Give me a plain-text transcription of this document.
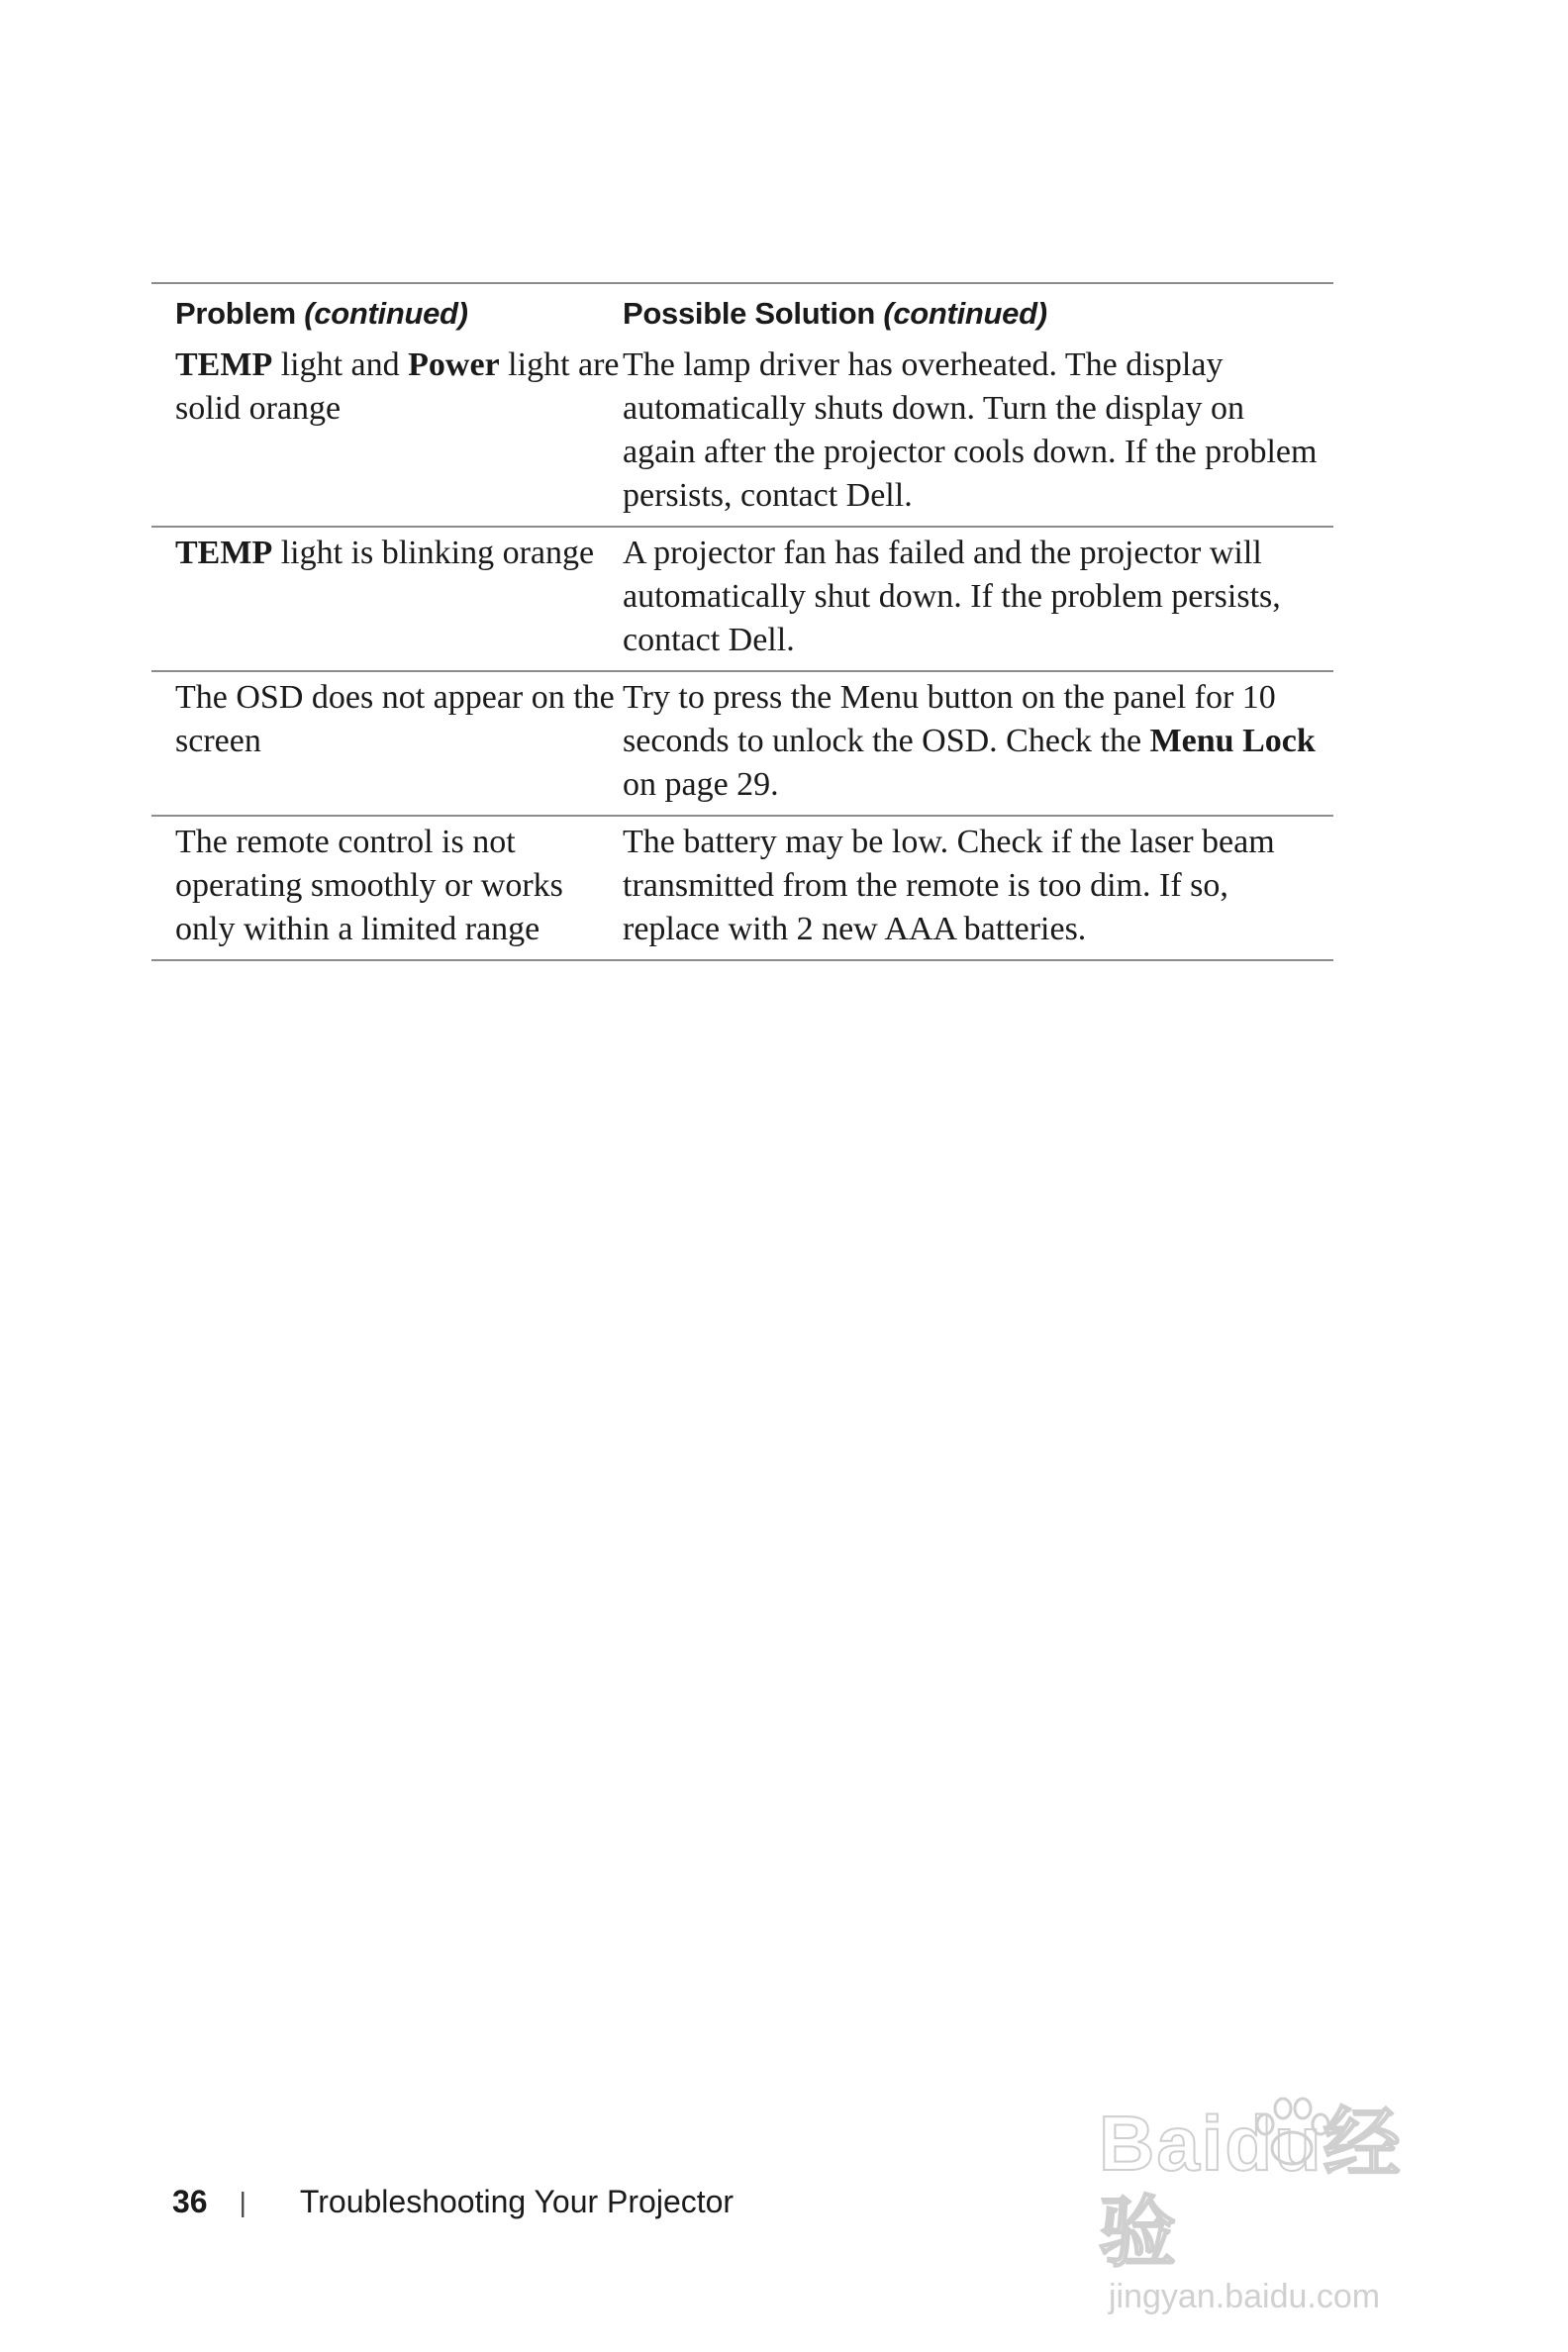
Problem (continued)	Possible Solution (continued)
TEMP light and Power light are solid orange
The lamp driver has overheated. The display automatically shuts down. Turn the display on again after the projector cools down. If the problem persists, contact Dell.
TEMP light is blinking orange A projector fan has failed and the projector will automatically shut down. If the problem persists, contact Dell.
The OSD does not appear on the screen
Try to press the Menu button on the panel for 10 seconds to unlock the OSD. Check the Menu Lock on page 29.
The remote control is not operating smoothly or works only within a limited range
The battery may be low. Check if the laser beam transmitted from the remote is too dim. If so, replace with 2 new AAA batteries.
36 | Troubleshooting Your Projector
Baidu经验
jingyan.baidu.com
